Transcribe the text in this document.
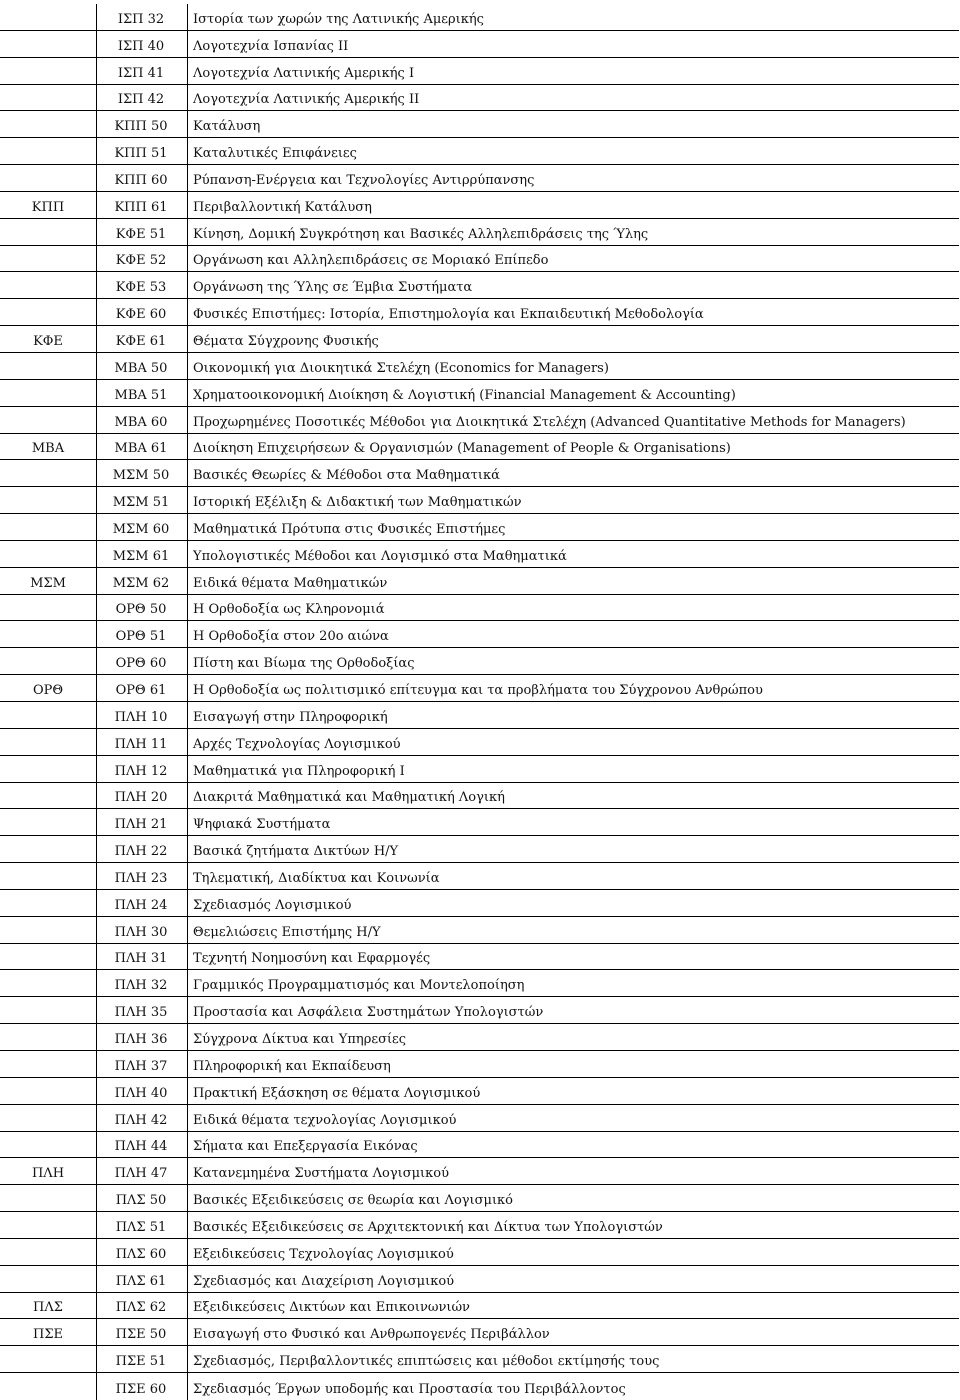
ΙΣΠ 32	Ιστορία των χωρών της Λατινικής Αμερικής
ΙΣΠ 40	Λογοτεχνία Ισπανίας ΙΙ
ΙΣΠ 41	Λογοτεχνία Λατινικής Αμερικής Ι
ΙΣΠ 42	Λογοτεχνία Λατινικής Αμερικής ΙΙ
ΚΠΠ 50	Κατάλυση
ΚΠΠ 51	Καταλυτικές Επιφάνειες
ΚΠΠ 60	Ρύπανση-Ενέργεια και Τεχνολογίες Αντιρρύπανσης
ΚΠΠ	ΚΠΠ 61	Περιβαλλοντική Κατάλυση
ΚΦΕ 51	Κίνηση, Δομική Συγκρότηση και Βασικές Αλληλεπιδράσεις της Ύλης
ΚΦΕ 52	Οργάνωση και Αλληλεπιδράσεις σε Μοριακό Επίπεδο
ΚΦΕ 53	Οργάνωση της Ύλης σε Έμβια Συστήματα
ΚΦΕ 60	Φυσικές Επιστήμες: Ιστορία, Επιστημολογία και Εκπαιδευτική Μεθοδολογία
ΚΦΕ	ΚΦΕ 61	Θέματα Σύγχρονης Φυσικής
ΜΒΑ 50	Οικονομική για Διοικητικά Στελέχη (Economics for Managers)
ΜΒΑ 51	Χρηματοοικονομική Διοίκηση & Λογιστική (Financial Management & Accounting)
ΜΒΑ 60	Προχωρημένες Ποσοτικές Μέθοδοι για Διοικητικά Στελέχη (Advanced Quantitative Methods for Managers)
ΜΒΑ	ΜΒΑ 61	Διοίκηση Επιχειρήσεων & Οργανισμών (Management of People & Organisations)
ΜΣΜ 50	Βασικές Θεωρίες & Μέθοδοι στα Μαθηματικά
ΜΣΜ 51	Ιστορική Εξέλιξη & Διδακτική των Μαθηματικών
ΜΣΜ 60	Μαθηματικά Πρότυπα στις Φυσικές Επιστήμες
ΜΣΜ 61	Υπολογιστικές Μέθοδοι και Λογισμικό στα Μαθηματικά
ΜΣΜ	ΜΣΜ 62	Ειδικά θέματα Μαθηματικών
ΟΡΘ 50	Η Ορθοδοξία ως Κληρονομιά
ΟΡΘ 51	Η Ορθοδοξία στον 20ο αιώνα
ΟΡΘ 60	Πίστη και Βίωμα της Ορθοδοξίας
ΟΡΘ	ΟΡΘ 61	Η Ορθοδοξία ως πολιτισμικό επίτευγμα και τα προβλήματα του Σύγχρονου Ανθρώπου
ΠΛΗ 10	Εισαγωγή στην Πληροφορική
ΠΛΗ 11	Αρχές Τεχνολογίας Λογισμικού
ΠΛΗ 12	Μαθηματικά για Πληροφορική Ι
ΠΛΗ 20	Διακριτά Μαθηματικά και Μαθηματική Λογική
ΠΛΗ 21	Ψηφιακά Συστήματα
ΠΛΗ 22	Βασικά ζητήματα Δικτύων Η/Υ
ΠΛΗ 23	Τηλεματική, Διαδίκτυα και Κοινωνία
ΠΛΗ 24	Σχεδιασμός Λογισμικού
ΠΛΗ 30	Θεμελιώσεις Επιστήμης Η/Υ
ΠΛΗ 31	Τεχνητή Νοημοσύνη και Εφαρμογές
ΠΛΗ 32	Γραμμικός Προγραμματισμός και Μοντελοποίηση
ΠΛΗ 35	Προστασία και Ασφάλεια Συστημάτων Υπολογιστών
ΠΛΗ 36	Σύγχρονα Δίκτυα και Υπηρεσίες
ΠΛΗ 37	Πληροφορική και Εκπαίδευση
ΠΛΗ 40	Πρακτική Εξάσκηση σε θέματα Λογισμικού
ΠΛΗ 42	Ειδικά θέματα τεχνολογίας Λογισμικού
ΠΛΗ 44	Σήματα και Επεξεργασία Εικόνας
ΠΛΗ	ΠΛΗ 47	Κατανεμημένα Συστήματα Λογισμικού
ΠΛΣ 50	Βασικές Εξειδικεύσεις σε θεωρία και Λογισμικό
ΠΛΣ 51	Βασικές Εξειδικεύσεις σε Αρχιτεκτονική και Δίκτυα των Υπολογιστών
ΠΛΣ 60	Εξειδικεύσεις Τεχνολογίας Λογισμικού
ΠΛΣ 61	Σχεδιασμός και Διαχείριση Λογισμικού
ΠΛΣ	ΠΛΣ 62	Εξειδικεύσεις Δικτύων και Επικοινωνιών
ΠΣΕ	ΠΣΕ 50	Εισαγωγή στο Φυσικό και Ανθρωπογενές Περιβάλλον
ΠΣΕ 51	Σχεδιασμός, Περιβαλλοντικές επιπτώσεις και μέθοδοι εκτίμησής τους
ΠΣΕ 60	Σχεδιασμός Έργων υποδομής και Προστασία του Περιβάλλοντος
